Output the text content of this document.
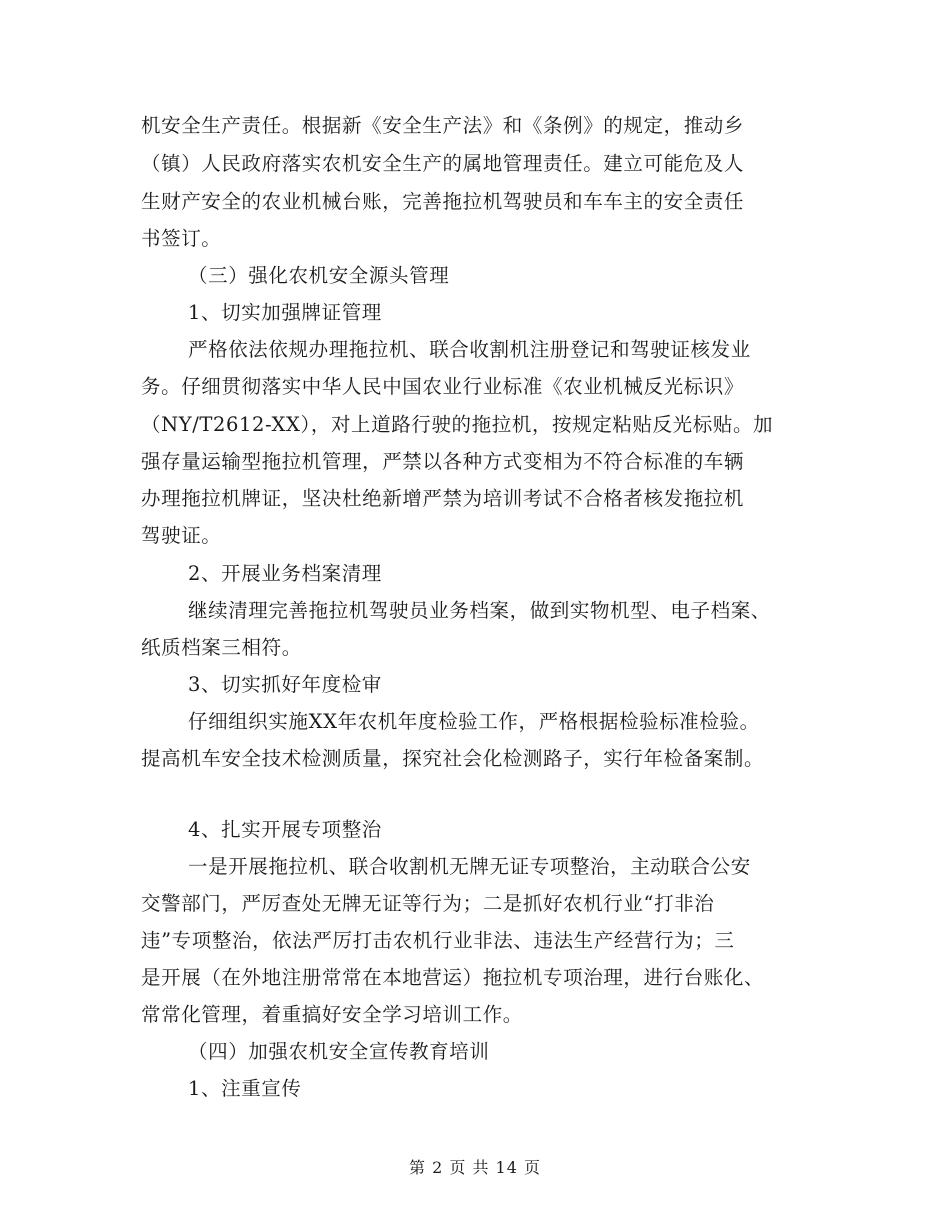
机安全生产责任。根据新《安全生产法》和《条例》的规定，推动乡
（镇）人民政府落实农机安全生产的属地管理责任。建立可能危及人
生财产安全的农业机械台账，完善拖拉机驾驶员和车车主的安全责任
书签订。
（三）强化农机安全源头管理
1、切实加强牌证管理
严格依法依规办理拖拉机、联合收割机注册登记和驾驶证核发业
务。仔细贯彻落实中华人民中国农业行业标准《农业机械反光标识》
（NY/T2612-XX），对上道路行驶的拖拉机，按规定粘贴反光标贴。加
强存量运输型拖拉机管理，严禁以各种方式变相为不符合标准的车辆
办理拖拉机牌证，坚决杜绝新增严禁为培训考试不合格者核发拖拉机
驾驶证。
2、开展业务档案清理
继续清理完善拖拉机驾驶员业务档案，做到实物机型、电子档案、
纸质档案三相符。
3、切实抓好年度检审
仔细组织实施XX年农机年度检验工作，严格根据检验标准检验。
提高机车安全技术检测质量，探究社会化检测路子，实行年检备案制。
4、扎实开展专项整治
一是开展拖拉机、联合收割机无牌无证专项整治，主动联合公安
交警部门，严厉查处无牌无证等行为；二是抓好农机行业“打非治
违”专项整治，依法严厉打击农机行业非法、违法生产经营行为；三
是开展（在外地注册常常在本地营运）拖拉机专项治理，进行台账化、
常常化管理，着重搞好安全学习培训工作。
（四）加强农机安全宣传教育培训
1、注重宣传
第 2 页 共 14 页
